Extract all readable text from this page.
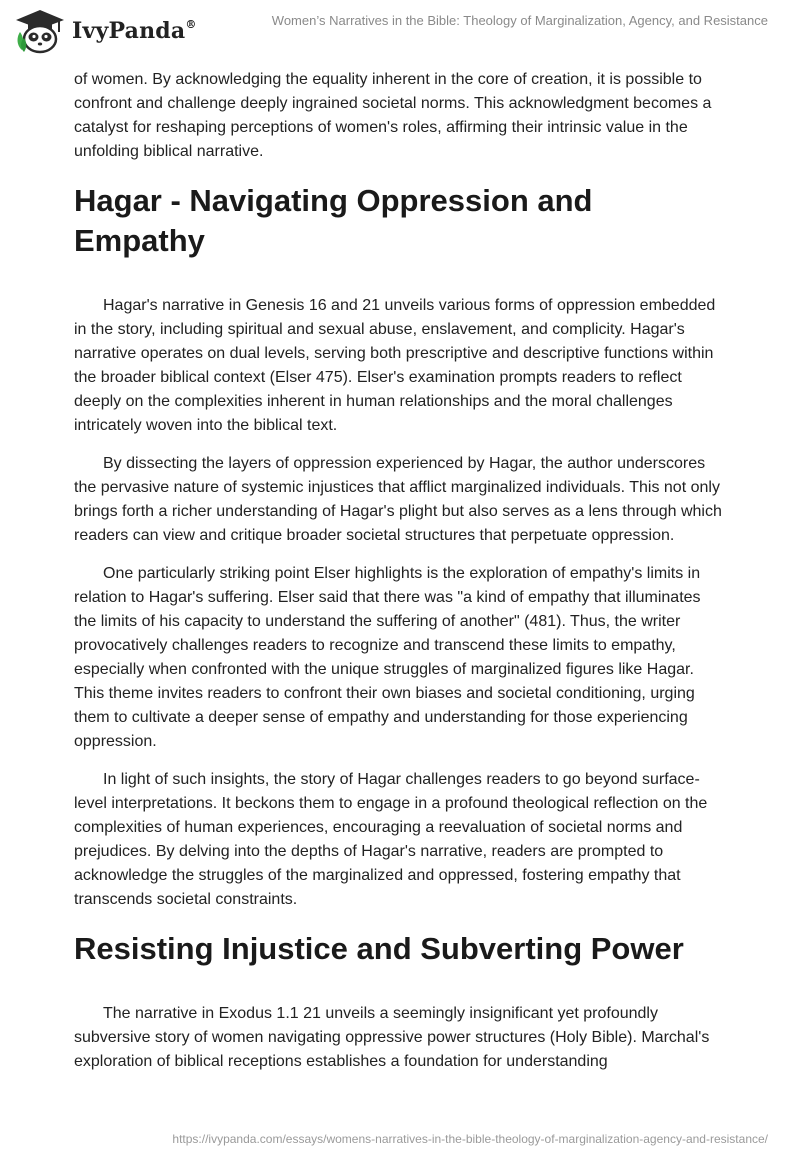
IvyPanda®	Women’s Narratives in the Bible: Theology of Marginalization, Agency, and Resistance

of women. By acknowledging the equality inherent in the core of creation, it is possible to confront and challenge deeply ingrained societal norms. This acknowledgment becomes a catalyst for reshaping perceptions of women's roles, affirming their intrinsic value in the unfolding biblical narrative.

Hagar - Navigating Oppression and Empathy

Hagar's narrative in Genesis 16 and 21 unveils various forms of oppression embedded in the story, including spiritual and sexual abuse, enslavement, and complicity. Hagar's narrative operates on dual levels, serving both prescriptive and descriptive functions within the broader biblical context (Elser 475). Elser's examination prompts readers to reflect deeply on the complexities inherent in human relationships and the moral challenges intricately woven into the biblical text.

By dissecting the layers of oppression experienced by Hagar, the author underscores the pervasive nature of systemic injustices that afflict marginalized individuals. This not only brings forth a richer understanding of Hagar's plight but also serves as a lens through which readers can view and critique broader societal structures that perpetuate oppression.

One particularly striking point Elser highlights is the exploration of empathy's limits in relation to Hagar's suffering. Elser said that there was "a kind of empathy that illuminates the limits of his capacity to understand the suffering of another" (481). Thus, the writer provocatively challenges readers to recognize and transcend these limits to empathy, especially when confronted with the unique struggles of marginalized figures like Hagar. This theme invites readers to confront their own biases and societal conditioning, urging them to cultivate a deeper sense of empathy and understanding for those experiencing oppression.

In light of such insights, the story of Hagar challenges readers to go beyond surface-level interpretations. It beckons them to engage in a profound theological reflection on the complexities of human experiences, encouraging a reevaluation of societal norms and prejudices. By delving into the depths of Hagar's narrative, readers are prompted to acknowledge the struggles of the marginalized and oppressed, fostering empathy that transcends societal constraints.

Resisting Injustice and Subverting Power

The narrative in Exodus 1.1 21 unveils a seemingly insignificant yet profoundly subversive story of women navigating oppressive power structures (Holy Bible). Marchal's exploration of biblical receptions establishes a foundation for understanding

https://ivypanda.com/essays/womens-narratives-in-the-bible-theology-of-marginalization-agency-and-resistance/
